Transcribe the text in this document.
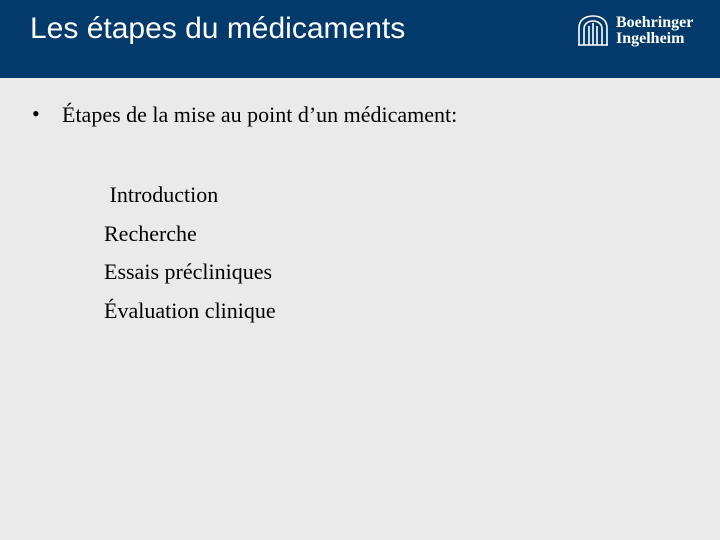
Les étapes du médicaments	Boehringer
Ingelheim
• Étapes de la mise au point d’un médicament:
Introduction
Recherche
Essais précliniques
Évaluation clinique
